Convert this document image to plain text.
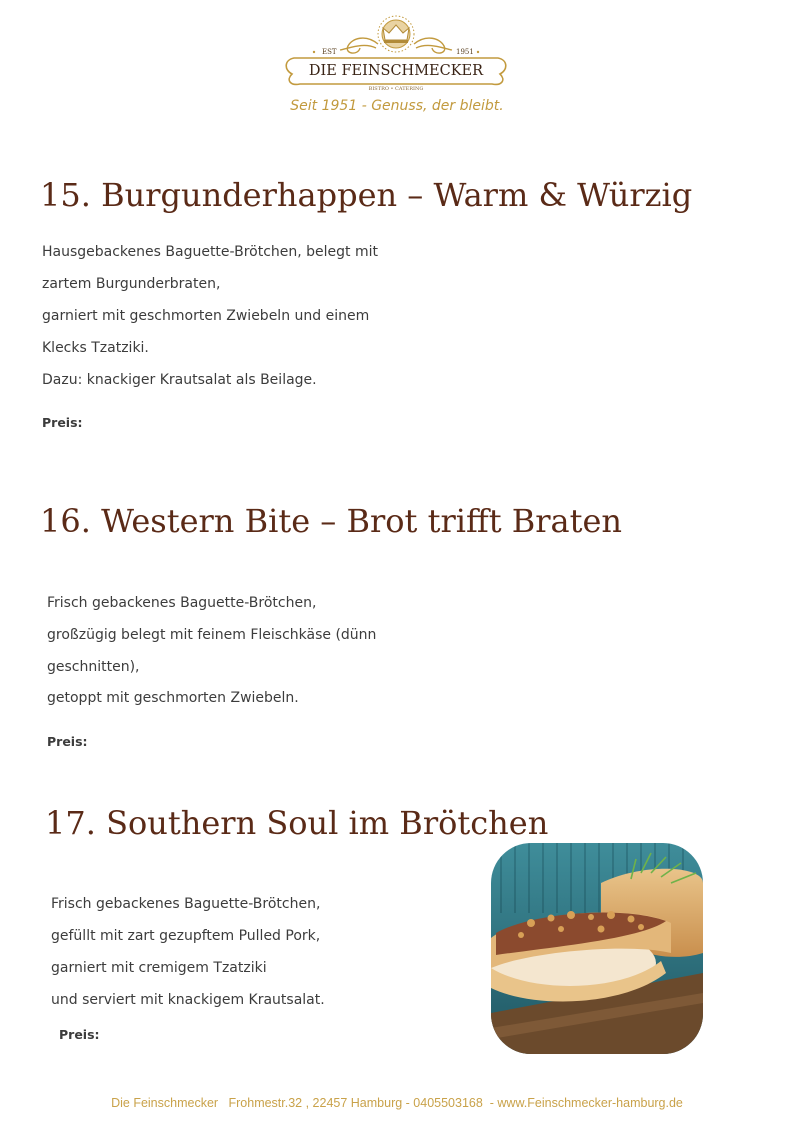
EST	1951
DIE FEINSCHMECKER
BISTRO • CATERING
Seit 1951 - Genuss, der bleibt.
15. Burgunderhappen – Warm & Würzig
Hausgebackenes Baguette-Brötchen, belegt mit
zartem Burgunderbraten,
garniert mit geschmorten Zwiebeln und einem
Klecks Tzatziki.
Dazu: knackiger Krautsalat als Beilage.
Preis:
16. Western Bite – Brot trifft Braten
Frisch gebackenes Baguette-Brötchen,
großzügig belegt mit feinem Fleischkäse (dünn
geschnitten),
getoppt mit geschmorten Zwiebeln.
Preis:
17. Southern Soul im Brötchen
Frisch gebackenes Baguette-Brötchen,
gefüllt mit zart gezupftem Pulled Pork,
garniert mit cremigem Tzatziki
und serviert mit knackigem Krautsalat.
Preis:
Die Feinschmecker   Frohmestr.32 , 22457 Hamburg - 0405503168  - www.Feinschmecker-hamburg.de
